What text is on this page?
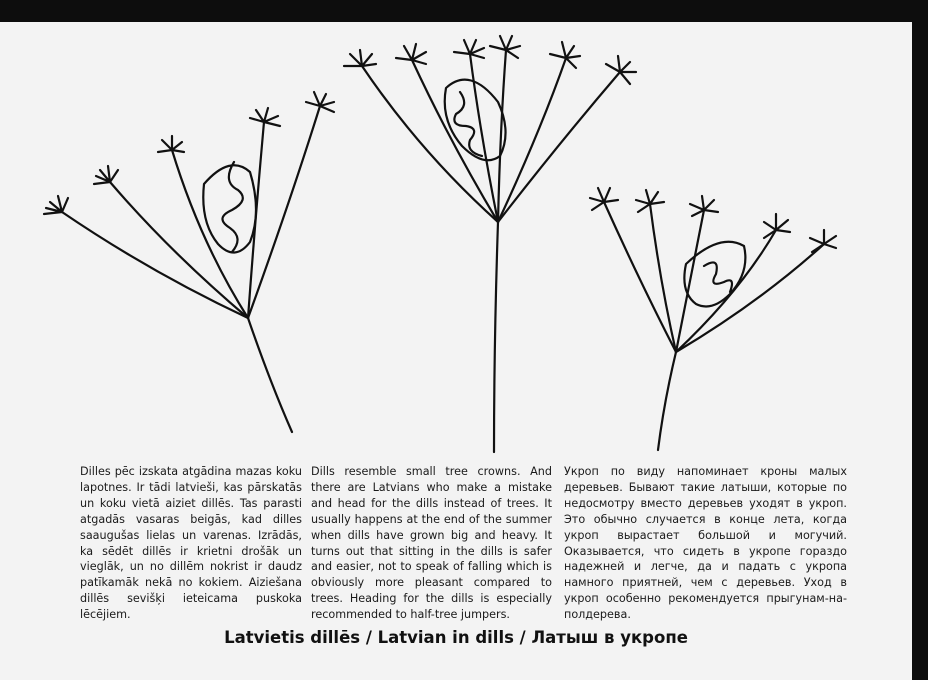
Dilles pēc izskata atgādina mazas koku lapotnes. Ir tādi latvieši, kas pārskatās un koku vietā aiziet dillēs. Tas parasti atgadās vasaras beigās, kad dilles saaugušas lielas un varenas. Izrādās, ka sēdēt dillēs ir krietni drošāk un vieglāk, un no dillēm nokrist ir daudz patīkamāk nekā no kokiem. Aiziešana dillēs sevišķi ieteicama puskoka lēcējiem.
Dills resemble small tree crowns. And there are Latvians who make a mistake and head for the dills instead of trees. It usually happens at the end of the summer when dills have grown big and heavy. It turns out that sitting in the dills is safer and easier, not to speak of falling which is obviously more pleasant compared to trees. Heading for the dills is especially recommended to half-tree jumpers.
Укроп по виду напоминает кроны малых деревьев. Бывают такие латыши, которые по недосмотру вместо деревьев уходят в укроп. Это обычно случается в конце лета, когда укроп вырастает большой и могучий. Оказывается, что сидеть в укропе гораздо надежней и легче, да и падать с укропа намного приятней, чем с деревьев. Уход в укроп особенно рекомендуется прыгунам-на-полдерева.
Latvietis dillēs / Latvian in dills / Латыш в укропе
